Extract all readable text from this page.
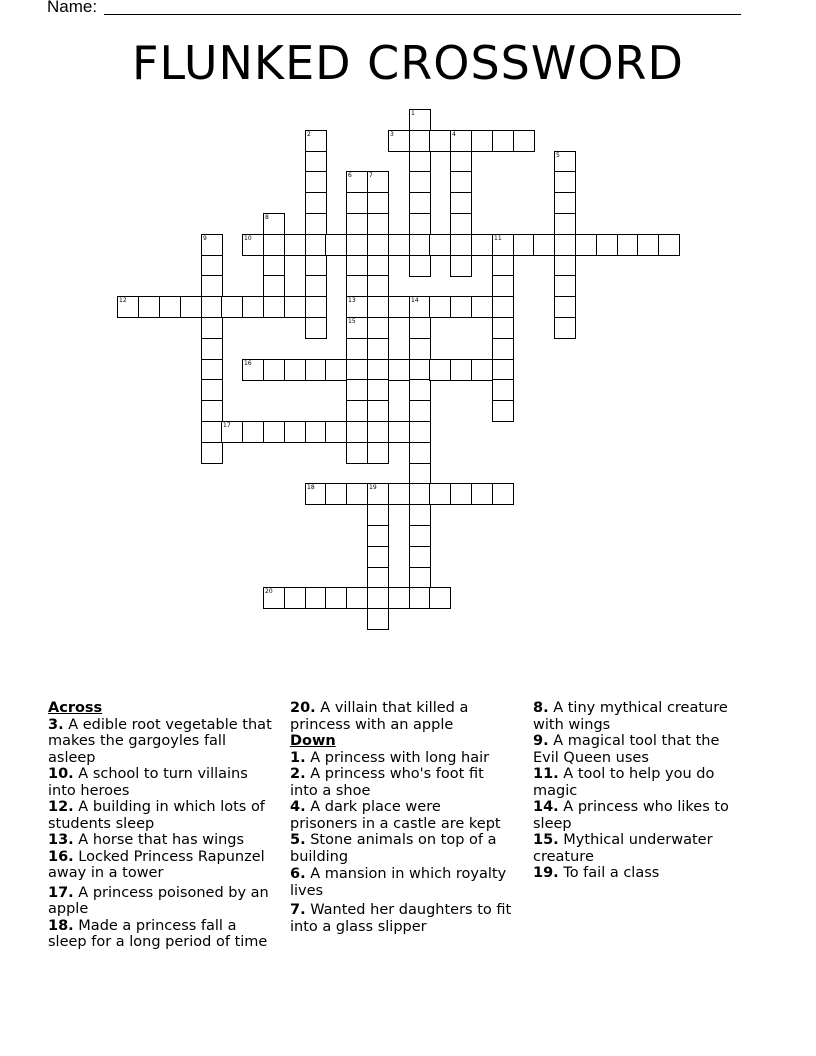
Name:
FLUNKED CROSSWORD
1
2	3	4
5
6
13
15
7
8
9	10	11
12	14
16
17
18	19
20
Across
3. A edible root vegetable that makes the gargoyles fall asleep
10. A school to turn villains into heroes
12. A building in which lots of students sleep
13. A horse that has wings
16. Locked Princess Rapunzel away in a tower
17. A princess poisoned by an apple
18. Made a princess fall a sleep for a long period of time
20. A villain that killed a princess with an apple
Down
1. A princess with long hair
2. A princess who's foot fit into a shoe
4. A dark place were prisoners in a castle are kept
5. Stone animals on top of a building
6. A mansion in which royalty lives
7. Wanted her daughters to fit into a glass slipper
8. A tiny mythical creature with wings
9. A magical tool that the Evil Queen uses
11. A tool to help you do magic
14. A princess who likes to sleep
15. Mythical underwater creature
19. To fail a class
